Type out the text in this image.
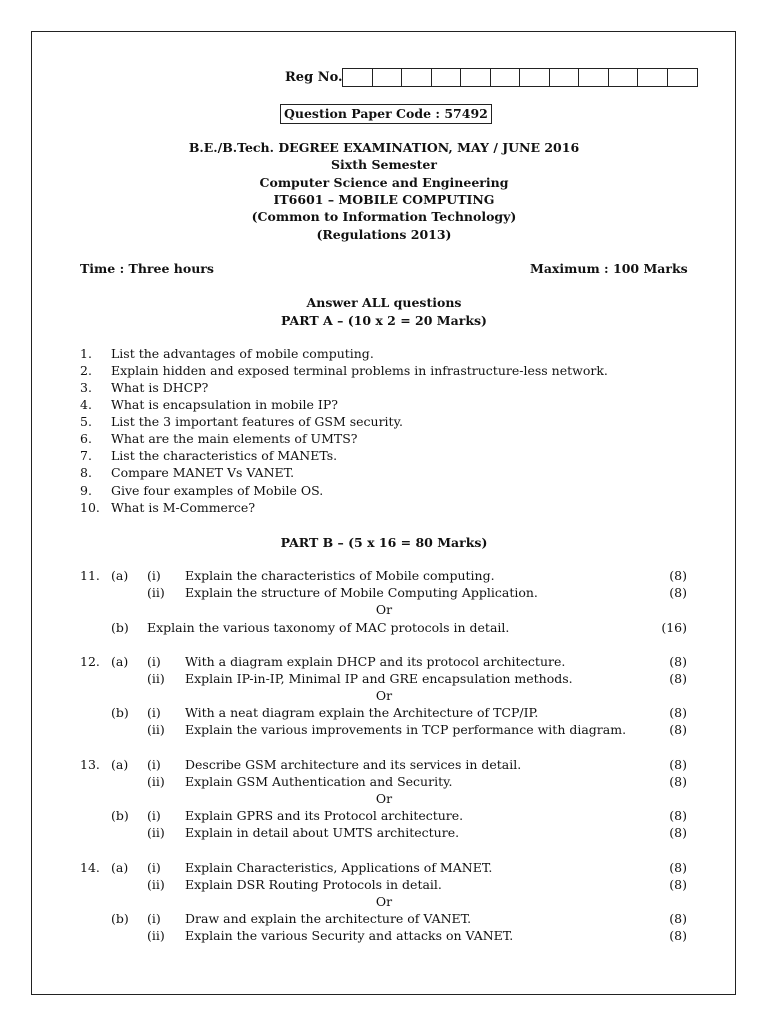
Reg No.
Question Paper Code : 57492
B.E./B.Tech. DEGREE EXAMINATION, MAY / JUNE 2016
Sixth Semester
Computer Science and Engineering
IT6601 – MOBILE COMPUTING
(Common to Information Technology)
(Regulations 2013)
Time : Three hours	Maximum : 100 Marks
Answer ALL questions
PART A – (10 x 2 = 20 Marks)
1.	List the advantages of mobile computing.
2.	Explain hidden and exposed terminal problems in infrastructure-less network.
3.	What is DHCP?
4.	What is encapsulation in mobile IP?
5.	List the 3 important features of GSM security.
6.	What are the main elements of UMTS?
7.	List the characteristics of MANETs.
8.	Compare MANET Vs VANET.
9.	Give four examples of Mobile OS.
10. What is M-Commerce?
PART B – (5 x 16 = 80 Marks)
11. (a) (i) Explain the characteristics of Mobile computing.	(8)
(ii) Explain the structure of Mobile Computing Application.	(8)
Or
(b) Explain the various taxonomy of MAC protocols in detail.	(16)
12. (a) (i) With a diagram explain DHCP and its protocol architecture.	(8)
(ii) Explain IP-in-IP, Minimal IP and GRE encapsulation methods.	(8)
Or
(b) (i) With a neat diagram explain the Architecture of TCP/IP.	(8)
(ii) Explain the various improvements in TCP performance with diagram.	(8)
13. (a) (i) Describe GSM architecture and its services in detail.	(8)
(ii) Explain GSM Authentication and Security.	(8)
Or
(b) (i) Explain GPRS and its Protocol architecture.	(8)
(ii) Explain in detail about UMTS architecture.	(8)
14. (a) (i) Explain Characteristics, Applications of MANET.	(8)
(ii) Explain DSR Routing Protocols in detail.	(8)
Or
(b) (i) Draw and explain the architecture of VANET.	(8)
(ii) Explain the various Security and attacks on VANET.	(8)
